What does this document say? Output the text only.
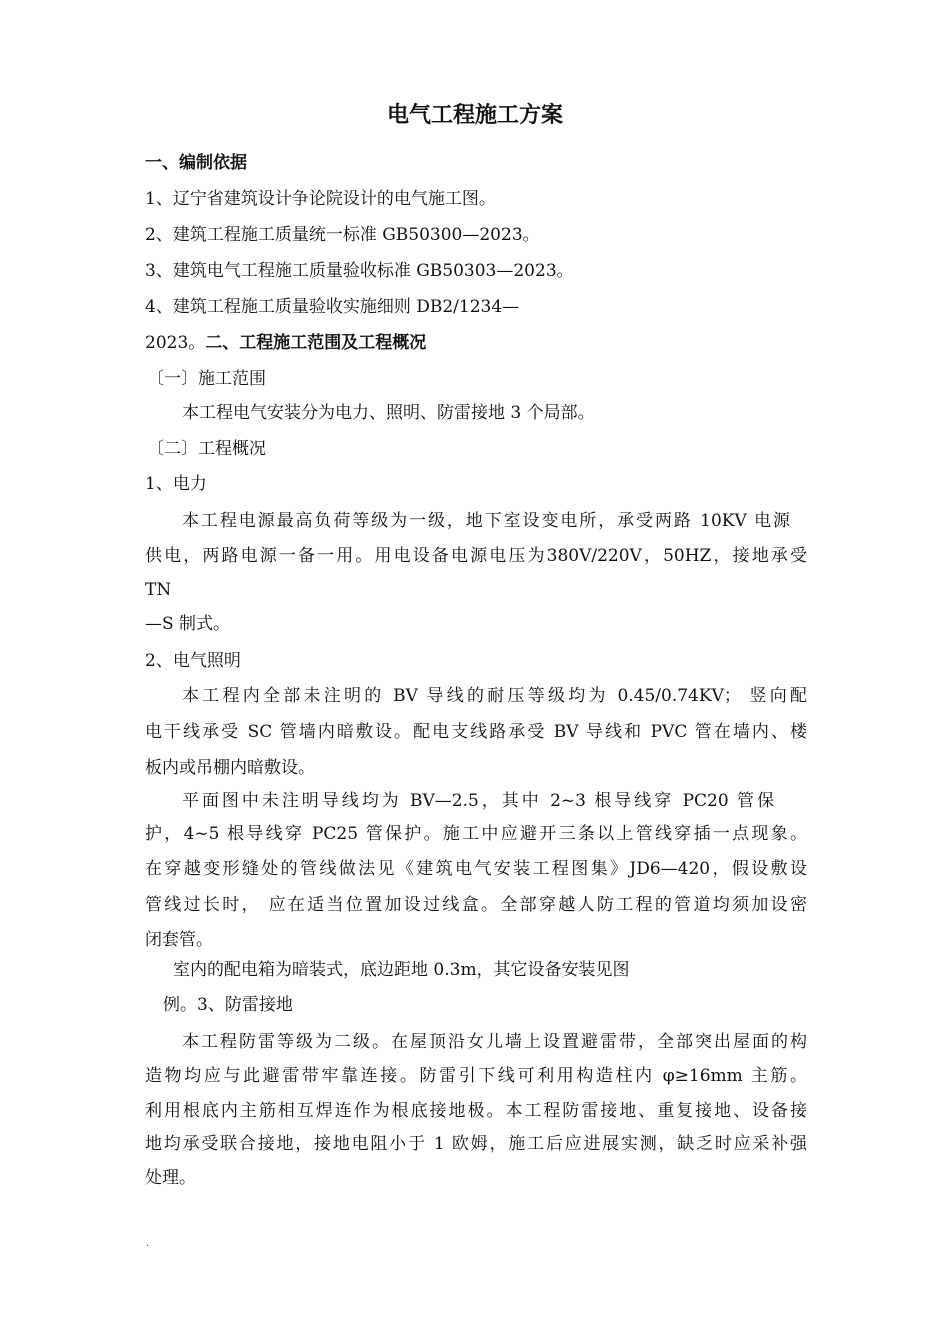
电气工程施工方案
一、编制依据
1、辽宁省建筑设计争论院设计的电气施工图。
2、建筑工程施工质量统一标准 GB50300—2023。
3、建筑电气工程施工质量验收标准 GB50303—2023。
4、建筑工程施工质量验收实施细则 DB2/1234—
2023。二、工程施工范围及工程概况
〔一〕施工范围
本工程电气安装分为电力、照明、防雷接地 3 个局部。
〔二〕工程概况
1、电力
本工程电源最高负荷等级为一级，地下室设变电所，承受两路 10KV 电源
供电，两路电源一备一用。用电设备电源电压为380V/220V，50HZ，接地承受
TN
—S 制式。
2、电气照明
本工程内全部未注明的 BV 导线的耐压等级均为 0.45/0.74KV； 竖向配
电干线承受 SC 管墙内暗敷设。配电支线路承受 BV 导线和 PVC 管在墙内、楼
板内或吊棚内暗敷设。
平面图中未注明导线均为 BV—2.5，其中 2~3 根导线穿 PC20 管保
护，4~5 根导线穿 PC25 管保护。施工中应避开三条以上管线穿插一点现象。
在穿越变形缝处的管线做法见《建筑电气安装工程图集》JD6—420，假设敷设
管线过长时， 应在适当位置加设过线盒。全部穿越人防工程的管道均须加设密
闭套管。
室内的配电箱为暗装式，底边距地 0.3m，其它设备安装见图
例。3、防雷接地
本工程防雷等级为二级。在屋顶沿女儿墙上设置避雷带，全部突出屋面的构
造物均应与此避雷带牢靠连接。防雷引下线可利用构造柱内 φ≥16mm 主筋。
利用根底内主筋相互焊连作为根底接地极。本工程防雷接地、重复接地、设备接
地均承受联合接地，接地电阻小于 1 欧姆，施工后应进展实测，缺乏时应采补强
处理。
.
